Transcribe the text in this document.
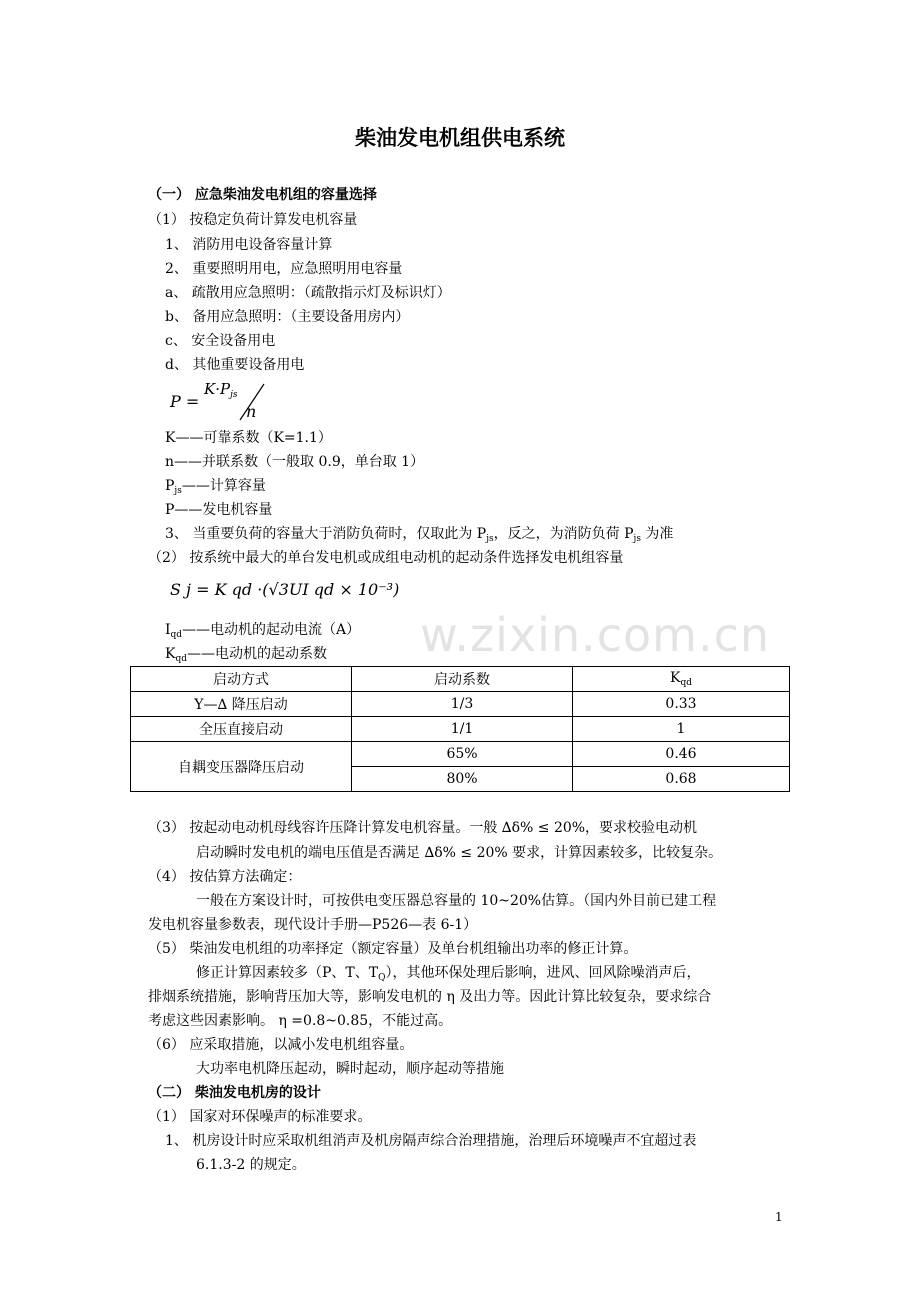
柴油发电机组供电系统
（一） 应急柴油发电机组的容量选择
（1） 按稳定负荷计算发电机容量
1、 消防用电设备容量计算
2、 重要照明用电，应急照明用电容量
a、 疏散用应急照明：（疏散指示灯及标识灯）
b、 备用应急照明：（主要设备用房内）
c、 安全设备用电
d、 其他重要设备用电
P =
$K\cdot P_{js}$
n
K——可靠系数（K=1.1）
n——并联系数（一般取 0.9，单台取 1）
$P_{js}——$计算容量
P——发电机容量
3、 当重要负荷的容量大于消防负荷时，仅取此为 $P_{js}$，反之，为消防负荷 $P_{js}$ 为准
（2） 按系统中最大的单台发电机或成组电动机的起动条件选择发电机组容量
S j = K qd ·(√3UI qd × 10⁻³)
$I_{qd}——$电动机的起动电流（A）
$K_{qd}——$电动机的起动系数
启动方式	启动系数	$K_{qd}$
Y—∆ 降压启动	1/3	0.33
全压直接启动	1/1	1
自耦变压器降压启动	65%	0.46
	80%	0.68
（3） 按起动电动机母线容许压降计算发电机容量。一般 ∆δ% ≤ 20%，要求校验电动机
启动瞬时发电机的端电压值是否满足 ∆δ% ≤ 20% 要求，计算因素较多，比较复杂。
（4） 按估算方法确定：
一般在方案设计时，可按供电变压器总容量的 10~20%估算。（国内外目前已建工程
发电机容量参数表，现代设计手册—P526—表 6-1）
（5） 柴油发电机组的功率择定（额定容量）及单台机组输出功率的修正计算。
修正计算因素较多（P、T、$T_Q$），其他环保处理后影响，进风、回风除噪消声后，
排烟系统措施，影响背压加大等，影响发电机的 η 及出力等。因此计算比较复杂，要求综合
考虑这些因素影响。 η =0.8~0.85，不能过高。
（6） 应采取措施，以减小发电机组容量。
大功率电机降压起动，瞬时起动，顺序起动等措施
（二） 柴油发电机房的设计
（1） 国家对环保噪声的标准要求。
1、 机房设计时应采取机组消声及机房隔声综合治理措施，治理后环境噪声不宜超过表
6.1.3-2 的规定。
w.zixin.com.cn
1
